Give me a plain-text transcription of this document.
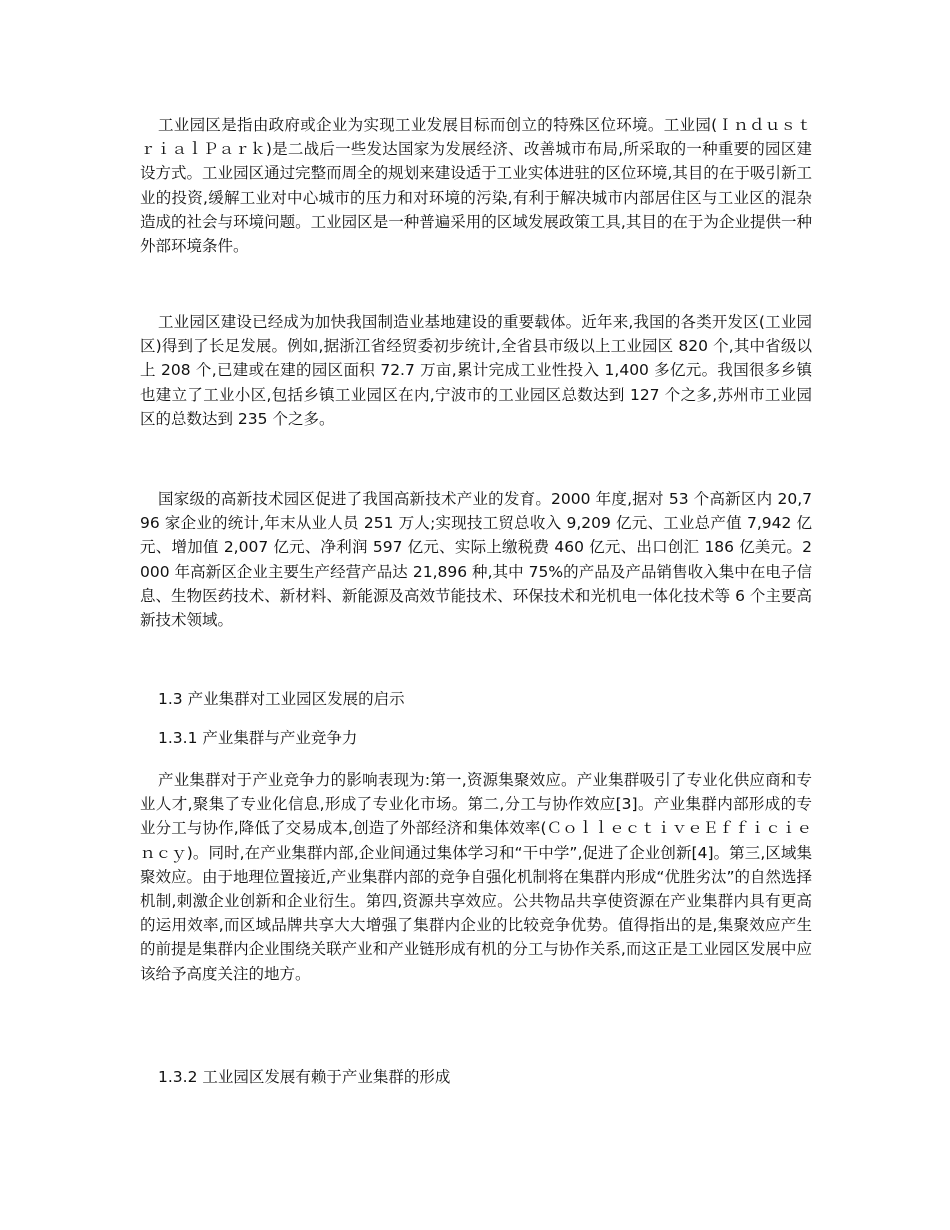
工业园区是指由政府或企业为实现工业发展目标而创立的特殊区位环境。工业园(ＩｎｄｕｓｔｒｉａｌＰａｒｋ)是二战后一些发达国家为发展经济、改善城市布局,所采取的一种重要的园区建设方式。工业园区通过完整而周全的规划来建设适于工业实体进驻的区位环境,其目的在于吸引新工业的投资,缓解工业对中心城市的压力和对环境的污染,有利于解决城市内部居住区与工业区的混杂造成的社会与环境问题。工业园区是一种普遍采用的区域发展政策工具,其目的在于为企业提供一种外部环境条件。

工业园区建设已经成为加快我国制造业基地建设的重要载体。近年来,我国的各类开发区(工业园区)得到了长足发展。例如,据浙江省经贸委初步统计,全省县市级以上工业园区 820 个,其中省级以上 208 个,已建或在建的园区面积 72.7 万亩,累计完成工业性投入 1,400 多亿元。我国很多乡镇也建立了工业小区,包括乡镇工业园区在内,宁波市的工业园区总数达到 127 个之多,苏州市工业园区的总数达到 235 个之多。

国家级的高新技术园区促进了我国高新技术产业的发育。2000 年度,据对 53 个高新区内 20,796 家企业的统计,年末从业人员 251 万人;实现技工贸总收入 9,209 亿元、工业总产值 7,942 亿元、增加值 2,007 亿元、净利润 597 亿元、实际上缴税费 460 亿元、出口创汇 186 亿美元。2000 年高新区企业主要生产经营产品达 21,896 种,其中 75%的产品及产品销售收入集中在电子信息、生物医药技术、新材料、新能源及高效节能技术、环保技术和光机电一体化技术等 6 个主要高新技术领域。

1.3 产业集群对工业园区发展的启示
1.3.1 产业集群与产业竞争力

产业集群对于产业竞争力的影响表现为:第一,资源集聚效应。产业集群吸引了专业化供应商和专业人才,聚集了专业化信息,形成了专业化市场。第二,分工与协作效应[3]。产业集群内部形成的专业分工与协作,降低了交易成本,创造了外部经济和集体效率(ＣｏｌｌｅｃｔｉｖｅＥｆｆｉｃｉｅｎｃｙ)。同时,在产业集群内部,企业间通过集体学习和“干中学”,促进了企业创新[4]。第三,区域集聚效应。由于地理位置接近,产业集群内部的竞争自强化机制将在集群内形成“优胜劣汰”的自然选择机制,刺激企业创新和企业衍生。第四,资源共享效应。公共物品共享使资源在产业集群内具有更高的运用效率,而区域品牌共享大大增强了集群内企业的比较竞争优势。值得指出的是,集聚效应产生的前提是集群内企业围绕关联产业和产业链形成有机的分工与协作关系,而这正是工业园区发展中应该给予高度关注的地方。

1.3.2 工业园区发展有赖于产业集群的形成
